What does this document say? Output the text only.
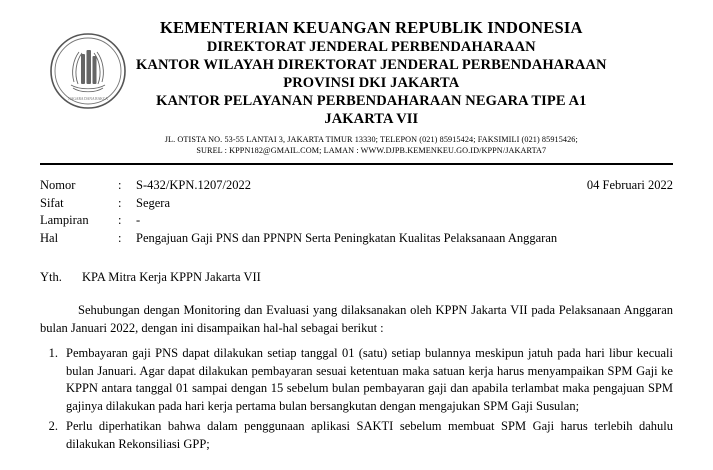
NAGARA DANA RAKCA
KEMENTERIAN KEUANGAN REPUBLIK INDONESIA
DIREKTORAT JENDERAL PERBENDAHARAAN
KANTOR WILAYAH DIREKTORAT JENDERAL PERBENDAHARAAN
PROVINSI DKI JAKARTA
KANTOR PELAYANAN PERBENDAHARAAN NEGARA TIPE A1
JAKARTA VII
JL. OTISTA NO. 53-55 LANTAI 3, JAKARTA TIMUR 13330; TELEPON (021) 85915424; FAKSIMILI (021) 85915426;
SUREL : KPPN182@GMAIL.COM; LAMAN : WWW.DJPB.KEMENKEU.GO.ID/KPPN/JAKARTA7
04 Februari 2022
Nomor	:	S-432/KPN.1207/2022
Sifat	:	Segera
Lampiran	:	-
Hal	:	Pengajuan Gaji PNS dan PPNPN Serta Peningkatan Kualitas Pelaksanaan Anggaran
Yth.	KPA Mitra Kerja KPPN Jakarta VII
Sehubungan dengan Monitoring dan Evaluasi yang dilaksanakan oleh KPPN Jakarta VII pada Pelaksanaan Anggaran bulan Januari 2022, dengan ini disampaikan hal-hal sebagai berikut :
1. Pembayaran gaji PNS dapat dilakukan setiap tanggal 01 (satu) setiap bulannya meskipun jatuh pada hari libur kecuali bulan Januari. Agar dapat dilakukan pembayaran sesuai ketentuan maka satuan kerja harus menyampaikan SPM Gaji ke KPPN antara tanggal 01 sampai dengan 15 sebelum bulan pembayaran gaji dan apabila terlambat maka pengajuan SPM gajinya dilakukan pada hari kerja pertama bulan bersangkutan dengan mengajukan SPM Gaji Susulan;
2. Perlu diperhatikan bahwa dalam penggunaan aplikasi SAKTI sebelum membuat SPM Gaji harus terlebih dahulu dilakukan Rekonsiliasi GPP;
